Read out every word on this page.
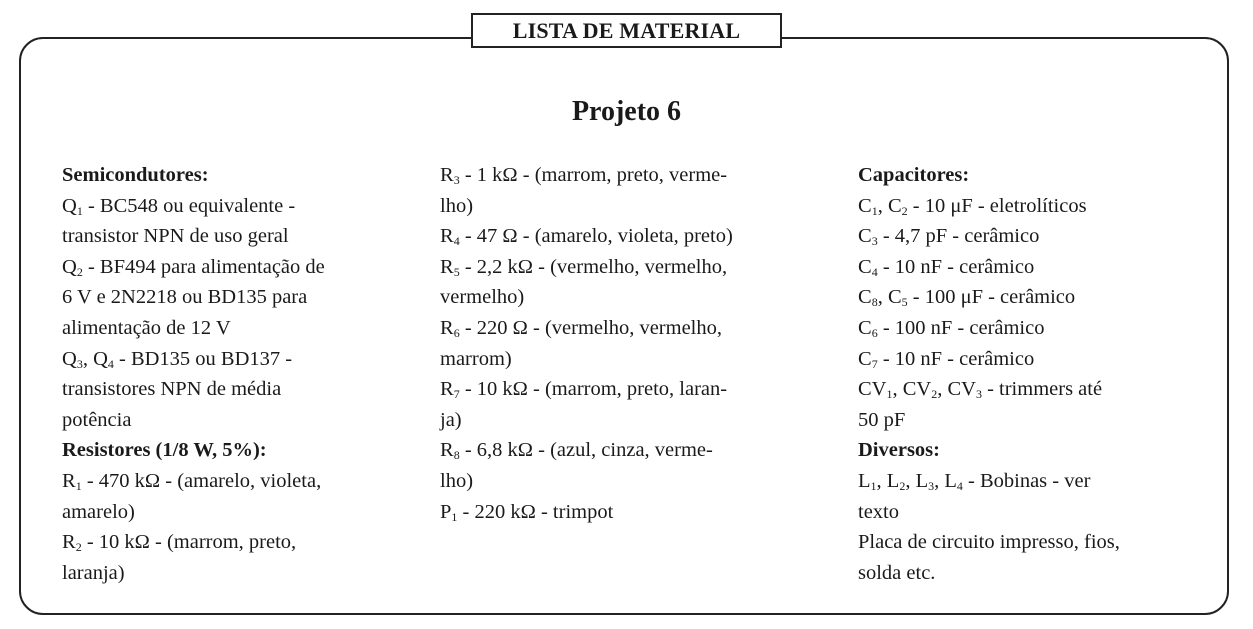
LISTA DE MATERIAL
Projeto 6
Semicondutores:
$Q_1 - BC548$ ou equivalente -
transistor NPN de uso geral
$Q_2 - BF494$ para alimentação de
6 V e 2N2218 ou BD135 para
alimentação de 12 V
$Q_3$, $Q_4 - BD135$ ou BD137 -
transistores NPN de média
potência
Resistores (1/8 W, 5%):
$R_1 - 470$ kΩ - (amarelo, violeta,
amarelo)
$R_2 - 10$ kΩ - (marrom, preto,
laranja)
$R_3 - 1$ kΩ - (marrom, preto, verme-
lho)
$R_4 - 47$ Ω - (amarelo, violeta, preto)
$R_5 - 2,2$ kΩ - (vermelho, vermelho,
vermelho)
$R_6 - 220$ Ω - (vermelho, vermelho,
marrom)
$R_7 - 10$ kΩ - (marrom, preto, laran-
ja)
$R_8 - 6,8$ kΩ - (azul, cinza, verme-
lho)
$P_1 - 220$ kΩ - trimpot
Capacitores:
$C_1$, $C_2 - 10$ μF - eletrolíticos
$C_3 - 4,7$ pF - cerâmico
$C_4 - 10$ nF - cerâmico
$C_8$, $C_5 - 100$ μF - cerâmico
$C_6 - 100$ nF - cerâmico
$C_7 - 10$ nF - cerâmico
$CV_1$, $CV_2$, $CV_3$ - trimmers até
50 pF
Diversos:
$L_1$, $L_2$, $L_3$, $L_4$ - Bobinas - ver
texto
Placa de circuito impresso, fios,
solda etc.
